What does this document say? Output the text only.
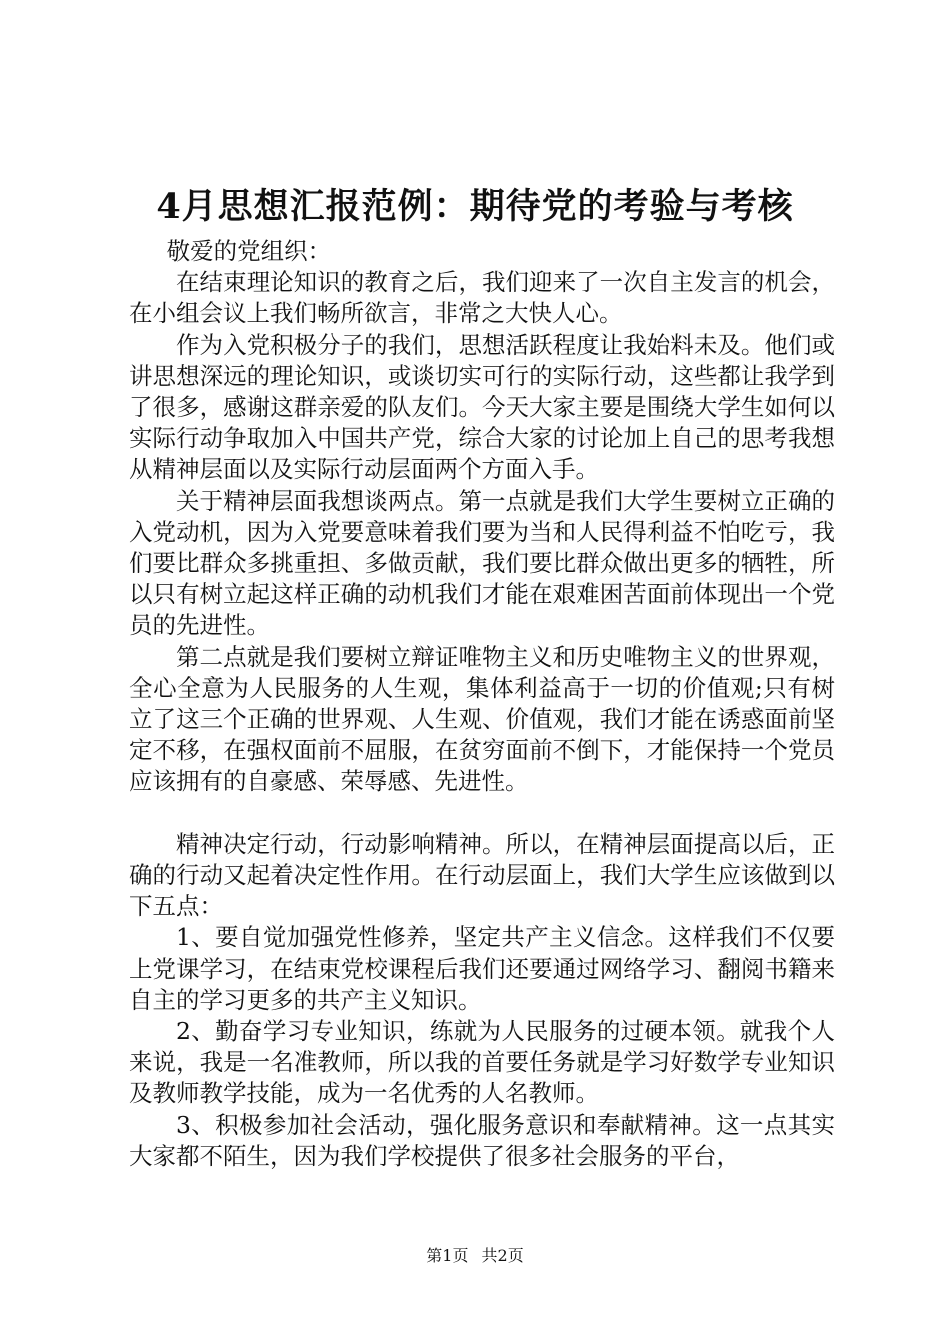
4月思想汇报范例：期待党的考验与考核

敬爱的党组织：

在结束理论知识的教育之后，我们迎来了一次自主发言的机会，在小组会议上我们畅所欲言，非常之大快人心。

作为入党积极分子的我们，思想活跃程度让我始料未及。他们或讲思想深远的理论知识，或谈切实可行的实际行动，这些都让我学到了很多，感谢这群亲爱的队友们。今天大家主要是围绕大学生如何以实际行动争取加入中国共产党，综合大家的讨论加上自己的思考我想从精神层面以及实际行动层面两个方面入手。

关于精神层面我想谈两点。第一点就是我们大学生要树立正确的入党动机，因为入党要意味着我们要为当和人民得利益不怕吃亏，我们要比群众多挑重担、多做贡献，我们要比群众做出更多的牺牲，所以只有树立起这样正确的动机我们才能在艰难困苦面前体现出一个党员的先进性。

第二点就是我们要树立辩证唯物主义和历史唯物主义的世界观，全心全意为人民服务的人生观，集体利益高于一切的价值观;只有树立了这三个正确的世界观、人生观、价值观，我们才能在诱惑面前坚定不移，在强权面前不屈服，在贫穷面前不倒下，才能保持一个党员应该拥有的自豪感、荣辱感、先进性。

精神决定行动，行动影响精神。所以，在精神层面提高以后，正确的行动又起着决定性作用。在行动层面上，我们大学生应该做到以下五点：

1、要自觉加强党性修养，坚定共产主义信念。这样我们不仅要上党课学习，在结束党校课程后我们还要通过网络学习、翻阅书籍来自主的学习更多的共产主义知识。

2、勤奋学习专业知识，练就为人民服务的过硬本领。就我个人来说，我是一名准教师，所以我的首要任务就是学习好数学专业知识及教师教学技能，成为一名优秀的人名教师。

3、积极参加社会活动，强化服务意识和奉献精神。这一点其实大家都不陌生，因为我们学校提供了很多社会服务的平台，

第1页 共2页
